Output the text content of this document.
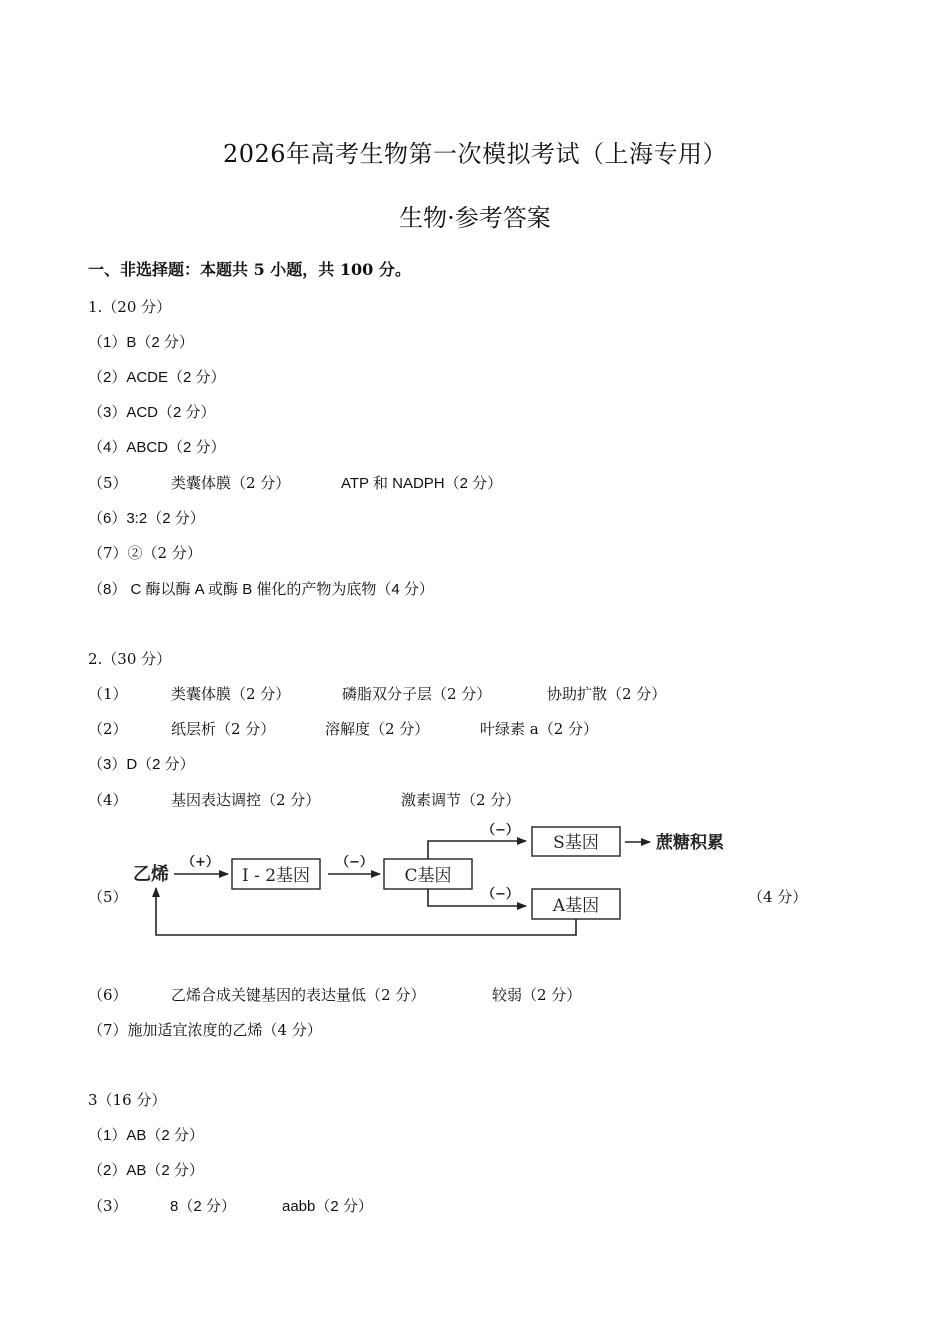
2026年高考生物第一次模拟考试（上海专用）
生物·参考答案
一、非选择题：本题共 5 小题，共 100 分。
1.（20 分）
（1）B（2 分）
（2）ACDE（2 分）
（3）ACD（2 分）
（4）ABCD（2 分）
（5）	类囊体膜（2 分）	ATP 和 NADPH（2 分）
（6）3:2（2 分）
（7）②（2 分）
（8） C 酶以酶 A 或酶 B 催化的产物为底物（4 分）
2.（30 分）
（1）	类囊体膜（2 分）	磷脂双分子层（2 分）	协助扩散（2 分）
（2）	纸层析（2 分）	溶解度（2 分）	叶绿素 a（2 分）
（3）D（2 分）
（4）	基因表达调控（2 分）	激素调节（2 分）
（5）
乙烯
（+）
I - 2基因
（−）
C基因
（−）
S基因	蔗糖积累
（−）
A基因	（4 分）
（6）	乙烯合成关键基因的表达量低（2 分）	较弱（2 分）
（7）施加适宜浓度的乙烯（4 分）
3（16 分）
（1）AB（2 分）
（2）AB（2 分）
（3）	8（2 分）	aabb（2 分）
